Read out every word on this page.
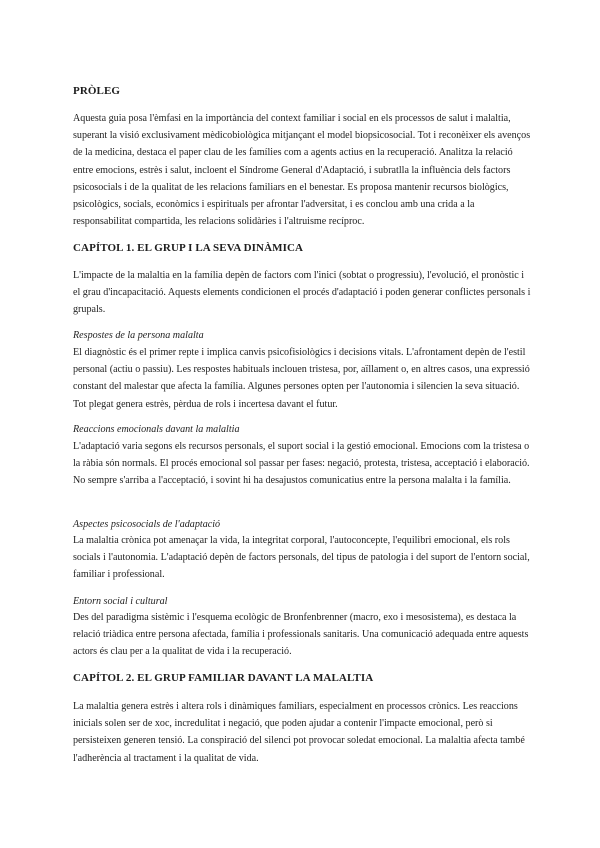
PRÒLEG

Aquesta guia posa l'èmfasi en la importància del context familiar i social en els processos de salut i malaltia, superant la visió exclusivament mèdicobiològica mitjançant el model biopsicosocial. Tot i reconèixer els avenços de la medicina, destaca el paper clau de les famílies com a agents actius en la recuperació. Analitza la relació entre emocions, estrès i salut, incloent el Síndrome General d'Adaptació, i subratlla la influència dels factors psicosocials i de la qualitat de les relacions familiars en el benestar. Es proposa mantenir recursos biològics, psicològics, socials, econòmics i espirituals per afrontar l'adversitat, i es conclou amb una crida a la responsabilitat compartida, les relacions solidàries i l'altruisme recíproc.

CAPÍTOL 1. EL GRUP I LA SEVA DINÀMICA

L'impacte de la malaltia en la família depèn de factors com l'inici (sobtat o progressiu), l'evolució, el pronòstic i el grau d'incapacitació. Aquests elements condicionen el procés d'adaptació i poden generar conflictes personals i grupals.

Respostes de la persona malalta

El diagnòstic és el primer repte i implica canvis psicofisiològics i decisions vitals. L'afrontament depèn de l'estil personal (actiu o passiu). Les respostes habituals inclouen tristesa, por, aïllament o, en altres casos, una expressió constant del malestar que afecta la família. Algunes persones opten per l'autonomia i silencien la seva situació. Tot plegat genera estrès, pèrdua de rols i incertesa davant el futur.

Reaccions emocionals davant la malaltia

L'adaptació varia segons els recursos personals, el suport social i la gestió emocional. Emocions com la tristesa o la ràbia són normals. El procés emocional sol passar per fases: negació, protesta, tristesa, acceptació i elaboració. No sempre s'arriba a l'acceptació, i sovint hi ha desajustos comunicatius entre la persona malalta i la família.

Aspectes psicosocials de l'adaptació

La malaltia crònica pot amenaçar la vida, la integritat corporal, l'autoconcepte, l'equilibri emocional, els rols socials i l'autonomia. L'adaptació depèn de factors personals, del tipus de patologia i del suport de l'entorn social, familiar i professional.

Entorn social i cultural

Des del paradigma sistèmic i l'esquema ecològic de Bronfenbrenner (macro, exo i mesosistema), es destaca la relació triàdica entre persona afectada, família i professionals sanitaris. Una comunicació adequada entre aquests actors és clau per a la qualitat de vida i la recuperació.

CAPÍTOL 2. EL GRUP FAMILIAR DAVANT LA MALALTIA

La malaltia genera estrès i altera rols i dinàmiques familiars, especialment en processos crònics. Les reaccions inicials solen ser de xoc, incredulitat i negació, que poden ajudar a contenir l'impacte emocional, però si persisteixen generen tensió. La conspiració del silenci pot provocar soledat emocional. La malaltia afecta també l'adherència al tractament i la qualitat de vida.
